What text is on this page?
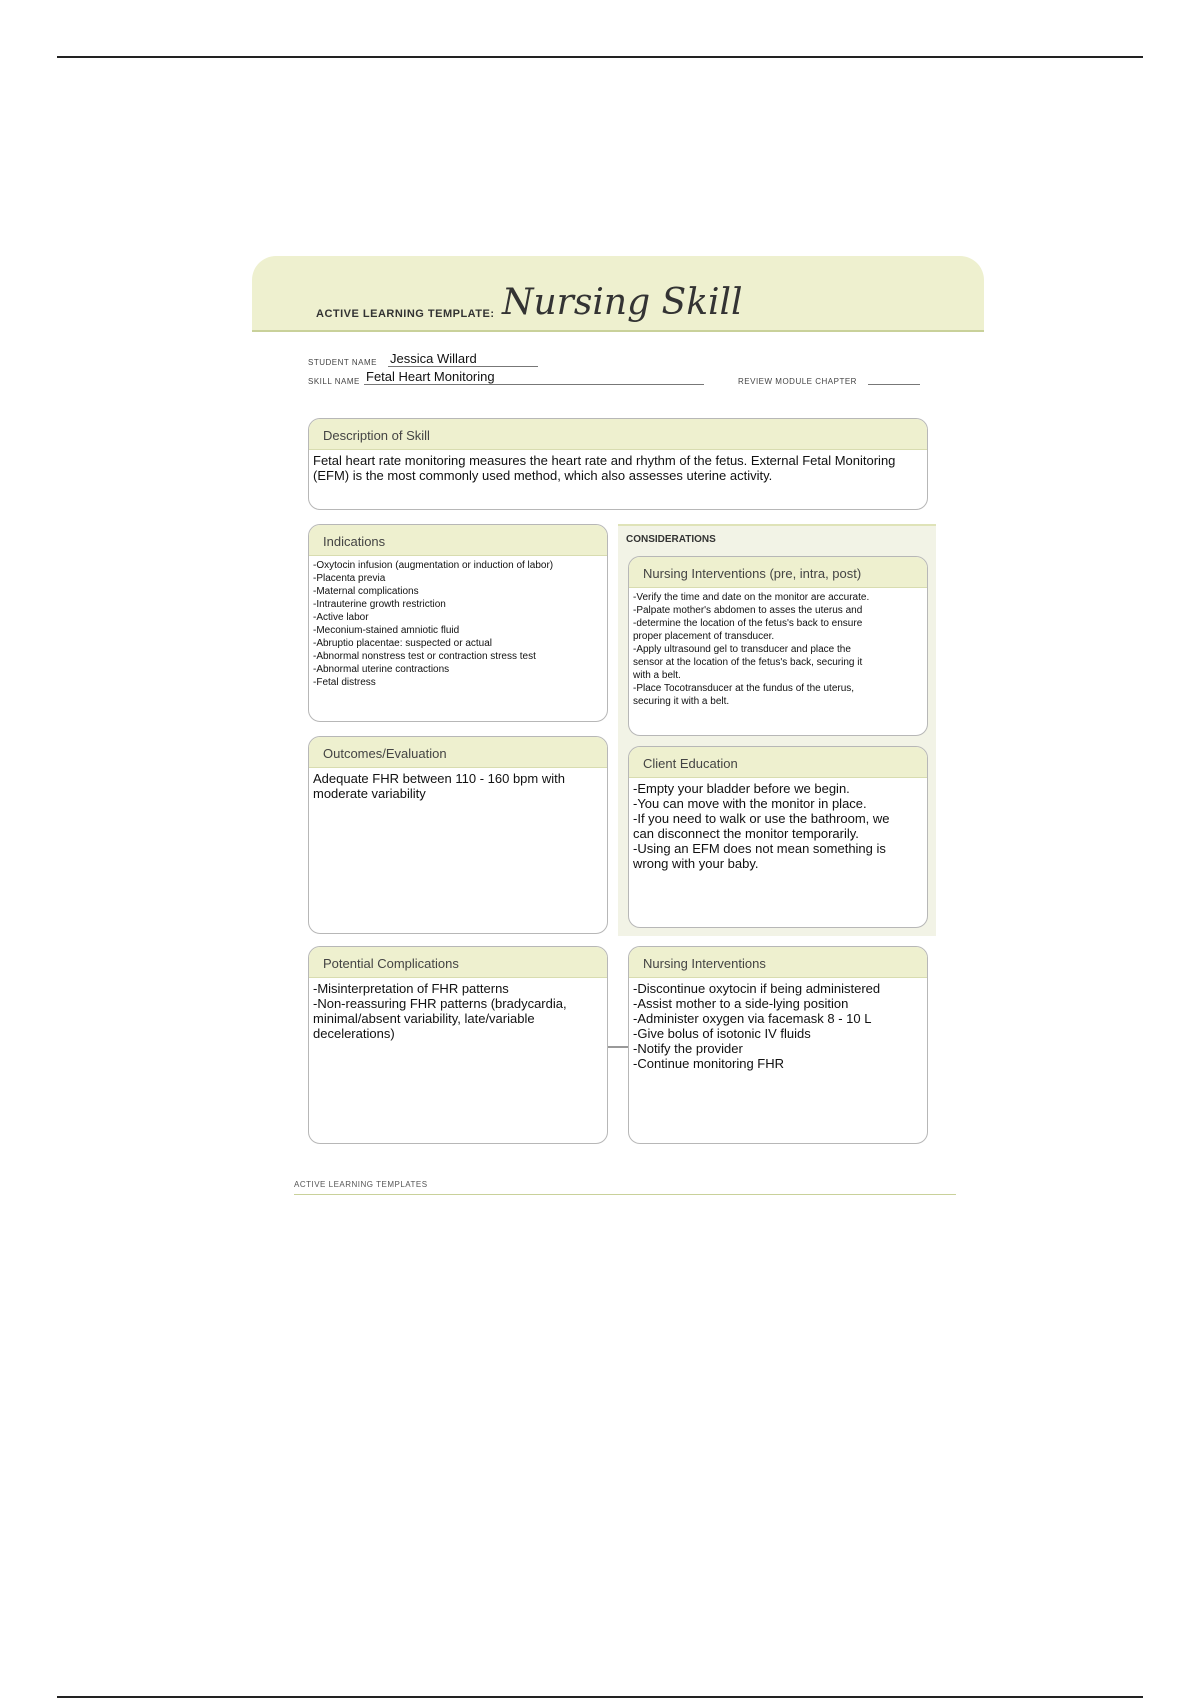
ACTIVE LEARNING TEMPLATE: Nursing Skill
STUDENT NAME Jessica Willard
SKILL NAME Fetal Heart Monitoring	REVIEW MODULE CHAPTER
Description of Skill
Fetal heart rate monitoring measures the heart rate and rhythm of the fetus. External Fetal Monitoring (EFM) is the most commonly used method, which also assesses uterine activity.
Indications
-Oxytocin infusion (augmentation or induction of labor)
-Placenta previa
-Maternal complications
-Intrauterine growth restriction
-Active labor
-Meconium-stained amniotic fluid
-Abruptio placentae: suspected or actual
-Abnormal nonstress test or contraction stress test
-Abnormal uterine contractions
-Fetal distress
Outcomes/Evaluation
Adequate FHR between 110 - 160 bpm with
moderate variability
CONSIDERATIONS
Nursing Interventions (pre, intra, post)
-Verify the time and date on the monitor are accurate.
-Palpate mother's abdomen to asses the uterus and
-determine the location of the fetus's back to ensure
proper placement of transducer.
-Apply ultrasound gel to transducer and place the
sensor at the location of the fetus's back, securing it
with a belt.
-Place Tocotransducer at the fundus of the uterus,
securing it with a belt.
Client Education
-Empty your bladder before we begin.
-You can move with the monitor in place.
-If you need to walk or use the bathroom, we
can disconnect the monitor temporarily.
-Using an EFM does not mean something is
wrong with your baby.
Potential Complications
-Misinterpretation of FHR patterns
-Non-reassuring FHR patterns (bradycardia,
minimal/absent variability, late/variable
decelerations)
Nursing Interventions
-Discontinue oxytocin if being administered
-Assist mother to a side-lying position
-Administer oxygen via facemask 8 - 10 L
-Give bolus of isotonic IV fluids
-Notify the provider
-Continue monitoring FHR
ACTIVE LEARNING TEMPLATES
